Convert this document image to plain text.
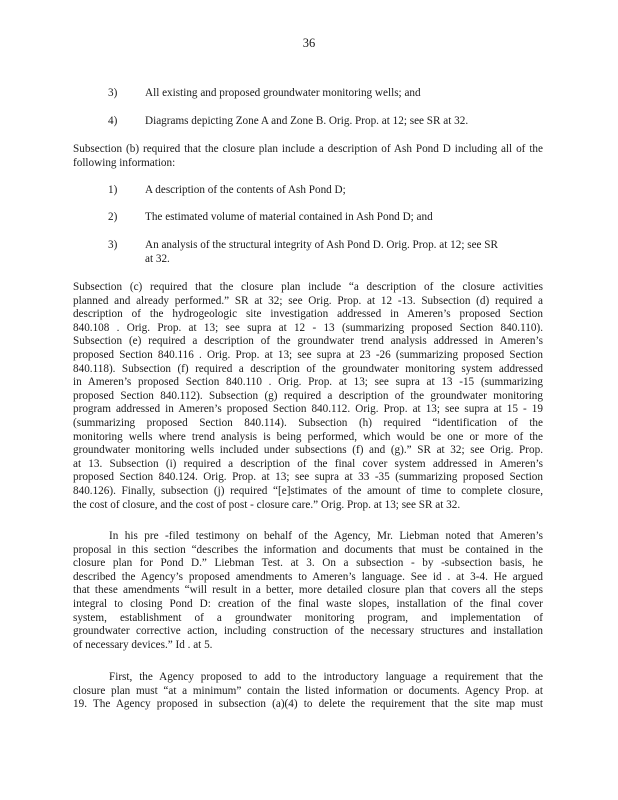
36
3) All existing and proposed groundwater monitoring wells; and
4) Diagrams depicting Zone A and Zone B. Orig. Prop. at 12; see SR at 32.

Subsection (b) required that the closure plan include a description of Ash Pond D including all of the following information:

1) A description of the contents of Ash Pond D;
2) The estimated volume of material contained in Ash Pond D; and
3) An analysis of the structural integrity of Ash Pond D. Orig. Prop. at 12; see SR at 32.
Subsection (c) required that the closure plan include “a description of the closure activities
planned and already performed.” SR at 32; see Orig. Prop. at 12 -13. Subsection (d) required a
description of the hydrogeologic site investigation addressed in Ameren’s proposed Section
840.108 . Orig. Prop. at 13; see supra at 12 - 13 (summarizing proposed Section 840.110).
Subsection (e) required a description of the groundwater trend analysis addressed in Ameren’s
proposed Section 840.116 . Orig. Prop. at 13; see supra at 23 -26 (summarizing proposed Section
840.118). Subsection (f) required a description of the groundwater monitoring system addressed
in Ameren’s proposed Section 840.110 . Orig. Prop. at 13; see supra at 13 -15 (summarizing
proposed Section 840.112). Subsection (g) required a description of the groundwater monitoring
program addressed in Ameren’s proposed Section 840.112. Orig. Prop. at 13; see supra at 15 - 19
(summarizing proposed Section 840.114). Subsection (h) required “identification of the
monitoring wells where trend analysis is being performed, which would be one or more of the
groundwater monitoring wells included under subsections (f) and (g).” SR at 32; see Orig. Prop.
at 13. Subsection (i) required a description of the final cover system addressed in Ameren’s
proposed Section 840.124. Orig. Prop. at 13; see supra at 33 -35 (summarizing proposed Section
840.126). Finally, subsection (j) required “[e]stimates of the amount of time to complete closure,
the cost of closure, and the cost of post - closure care.” Orig. Prop. at 13; see SR at 32.
In his pre -filed testimony on behalf of the Agency, Mr. Liebman noted that Ameren’s
proposal in this section “describes the information and documents that must be contained in the
closure plan for Pond D.” Liebman Test. at 3. On a subsection - by -subsection basis, he
described the Agency’s proposed amendments to Ameren’s language. See id . at 3-4. He argued
that these amendments “will result in a better, more detailed closure plan that covers all the steps
integral to closing Pond D: creation of the final waste slopes, installation of the final cover
system, establishment of a groundwater monitoring program, and implementation of
groundwater corrective action, including construction of the necessary structures and installation
of necessary devices.” Id . at 5.
First, the Agency proposed to add to the introductory language a requirement that the
closure plan must “at a minimum” contain the listed information or documents. Agency Prop. at
19. The Agency proposed in subsection (a)(4) to delete the requirement that the site map must
